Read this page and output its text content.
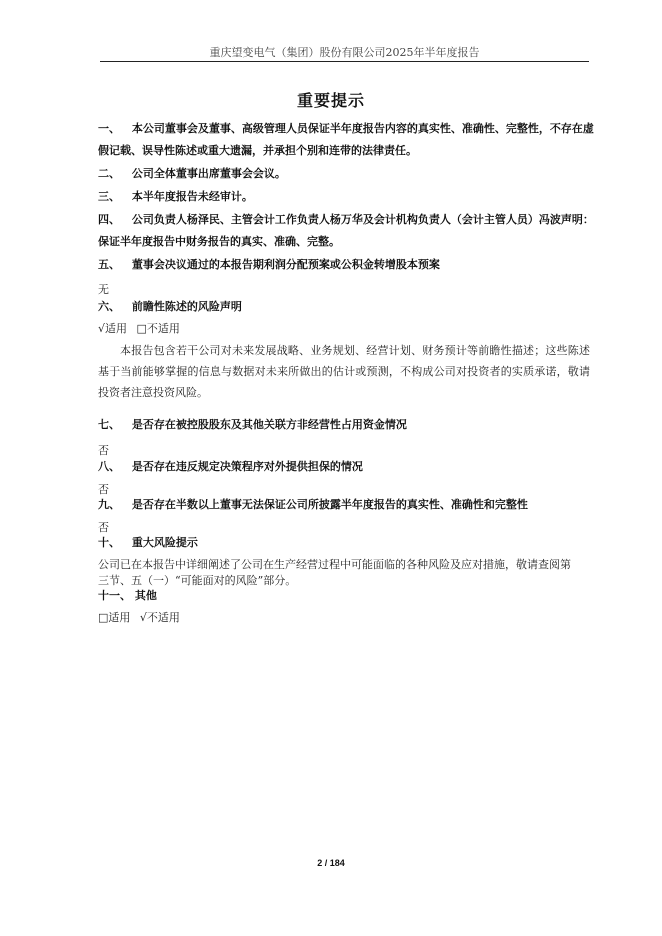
重庆望变电气（集团）股份有限公司2025年半年度报告
重要提示
一、 本公司董事会及董事、高级管理人员保证半年度报告内容的真实性、准确性、完整性，不存在虚假记载、误导性陈述或重大遗漏，并承担个别和连带的法律责任。
二、 公司全体董事出席董事会会议。
三、 本半年度报告未经审计。
四、 公司负责人杨泽民、主管会计工作负责人杨万华及会计机构负责人（会计主管人员）冯波声明：保证半年度报告中财务报告的真实、准确、完整。
五、 董事会决议通过的本报告期利润分配预案或公积金转增股本预案
无
六、 前瞻性陈述的风险声明
√适用 □不适用
本报告包含若干公司对未来发展战略、业务规划、经营计划、财务预计等前瞻性描述；这些陈述基于当前能够掌握的信息与数据对未来所做出的估计或预测，不构成公司对投资者的实质承诺，敬请投资者注意投资风险。
七、 是否存在被控股股东及其他关联方非经营性占用资金情况
否
八、 是否存在违反规定决策程序对外提供担保的情况
否
九、 是否存在半数以上董事无法保证公司所披露半年度报告的真实性、准确性和完整性
否
十、 重大风险提示
公司已在本报告中详细阐述了公司在生产经营过程中可能面临的各种风险及应对措施，敬请查阅第三节、五（一）“可能面对的风险”部分。
十一、 其他
□适用 √不适用
2 / 184
